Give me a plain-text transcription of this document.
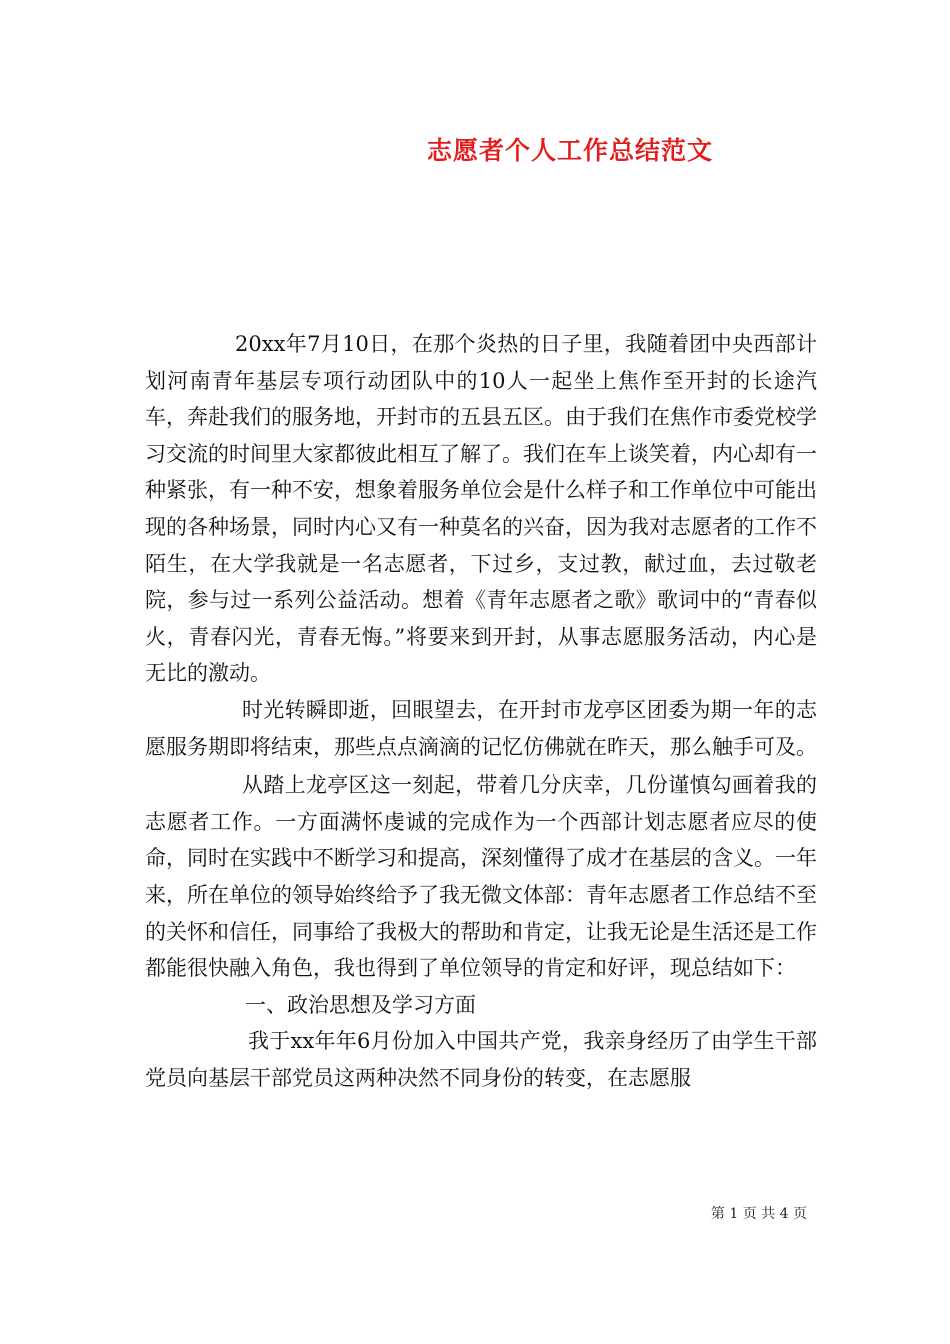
志愿者个人工作总结范文

20xx年7月10日，在那个炎热的日子里，我随着团中央西部计划河南青年基层专项行动团队中的10人一起坐上焦作至开封的长途汽车，奔赴我们的服务地，开封市的五县五区。由于我们在焦作市委党校学习交流的时间里大家都彼此相互了解了。我们在车上谈笑着，内心却有一种紧张，有一种不安，想象着服务单位会是什么样子和工作单位中可能出现的各种场景，同时内心又有一种莫名的兴奋，因为我对志愿者的工作不陌生，在大学我就是一名志愿者，下过乡，支过教，献过血，去过敬老院，参与过一系列公益活动。想着《青年志愿者之歌》歌词中的“青春似火，青春闪光，青春无悔。”将要来到开封，从事志愿服务活动，内心是无比的激动。

时光转瞬即逝，回眼望去，在开封市龙亭区团委为期一年的志愿服务期即将结束，那些点点滴滴的记忆仿佛就在昨天，那么触手可及。

从踏上龙亭区这一刻起，带着几分庆幸，几份谨慎勾画着我的志愿者工作。一方面满怀虔诚的完成作为一个西部计划志愿者应尽的使命，同时在实践中不断学习和提高，深刻懂得了成才在基层的含义。一年来，所在单位的领导始终给予了我无微文体部：青年志愿者工作总结不至的关怀和信任，同事给了我极大的帮助和肯定，让我无论是生活还是工作都能很快融入角色，我也得到了单位领导的肯定和好评，现总结如下：

一、政治思想及学习方面

我于xx年年6月份加入中国共产党，我亲身经历了由学生干部党员向基层干部党员这两种决然不同身份的转变，在志愿服

第 1 页 共 4 页
